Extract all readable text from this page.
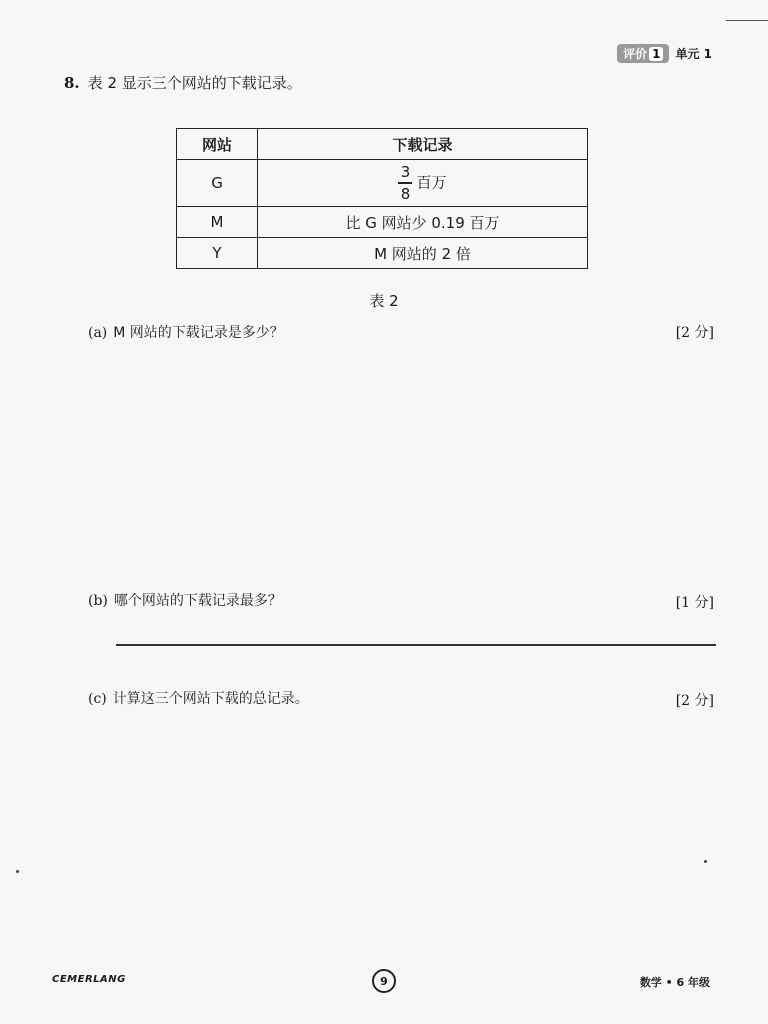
评价 1	单元 1
8. 表 2 显示三个网站的下载记录。
网站	下载记录
G	$\frac{3}{8}$ 百万
M	比 G 网站少 0.19 百万
Y	M 网站的 2 倍
表 2
(a) M 网站的下载记录是多少？	[2 分]
(b) 哪个网站的下载记录最多？	[1 分]
(c) 计算这三个网站下载的总记录。	[2 分]
CEMERLANG	9	数学 • 6 年级
